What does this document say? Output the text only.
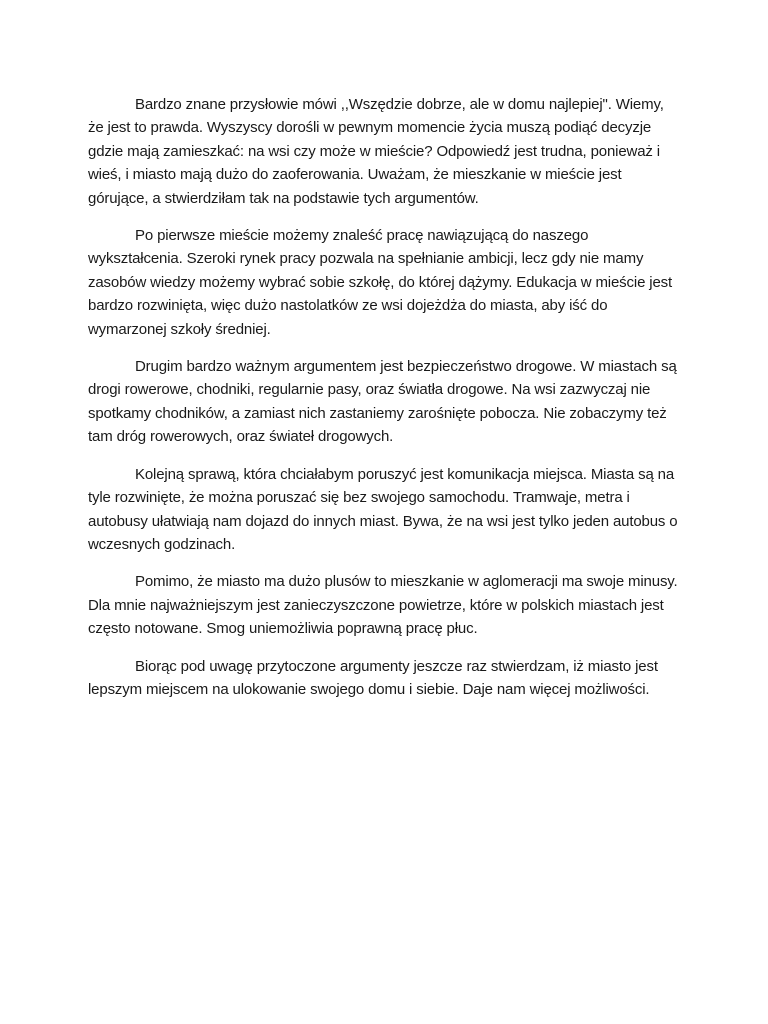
Bardzo znane przysłowie mówi ,,Wszędzie dobrze, ale w domu najlepiej". Wiemy, że jest to prawda. Wyszyscy dorośli w pewnym momencie życia muszą podiąć decyzje gdzie mają zamieszkać: na wsi czy może w mieście? Odpowiedź jest trudna, ponieważ i wieś, i miasto mają dużo do zaoferowania. Uważam, że mieszkanie w mieście jest górujące, a stwierdziłam tak na podstawie tych argumentów.

Po pierwsze mieście możemy znaleść pracę nawiązującą do naszego wykształcenia. Szeroki rynek pracy pozwala na spełnianie ambicji, lecz gdy nie mamy zasobów wiedzy możemy wybrać sobie szkołę, do której dążymy. Edukacja w mieście jest bardzo rozwinięta, więc dużo nastolatków ze wsi dojeżdża do miasta, aby iść do wymarzonej szkoły średniej.

Drugim bardzo ważnym argumentem jest bezpieczeństwo drogowe. W miastach są drogi rowerowe, chodniki, regularnie pasy, oraz światła drogowe. Na wsi zazwyczaj nie spotkamy chodników, a zamiast nich zastaniemy zarośnięte pobocza. Nie zobaczymy też tam dróg rowerowych, oraz świateł drogowych.

Kolejną sprawą, która chciałabym poruszyć jest komunikacja miejsca. Miasta są na tyle rozwinięte, że można poruszać się bez swojego samochodu. Tramwaje, metra i autobusy ułatwiają nam dojazd do innych miast. Bywa, że na wsi jest tylko jeden autobus o wczesnych godzinach.

Pomimo, że miasto ma dużo plusów to mieszkanie w aglomeracji ma swoje minusy. Dla mnie najważniejszym jest zanieczyszczone powietrze, które w polskich miastach jest często notowane. Smog uniemożliwia poprawną pracę płuc.

Biorąc pod uwagę przytoczone argumenty jeszcze raz stwierdzam, iż miasto jest lepszym miejscem na ulokowanie swojego domu i siebie. Daje nam więcej możliwości.
